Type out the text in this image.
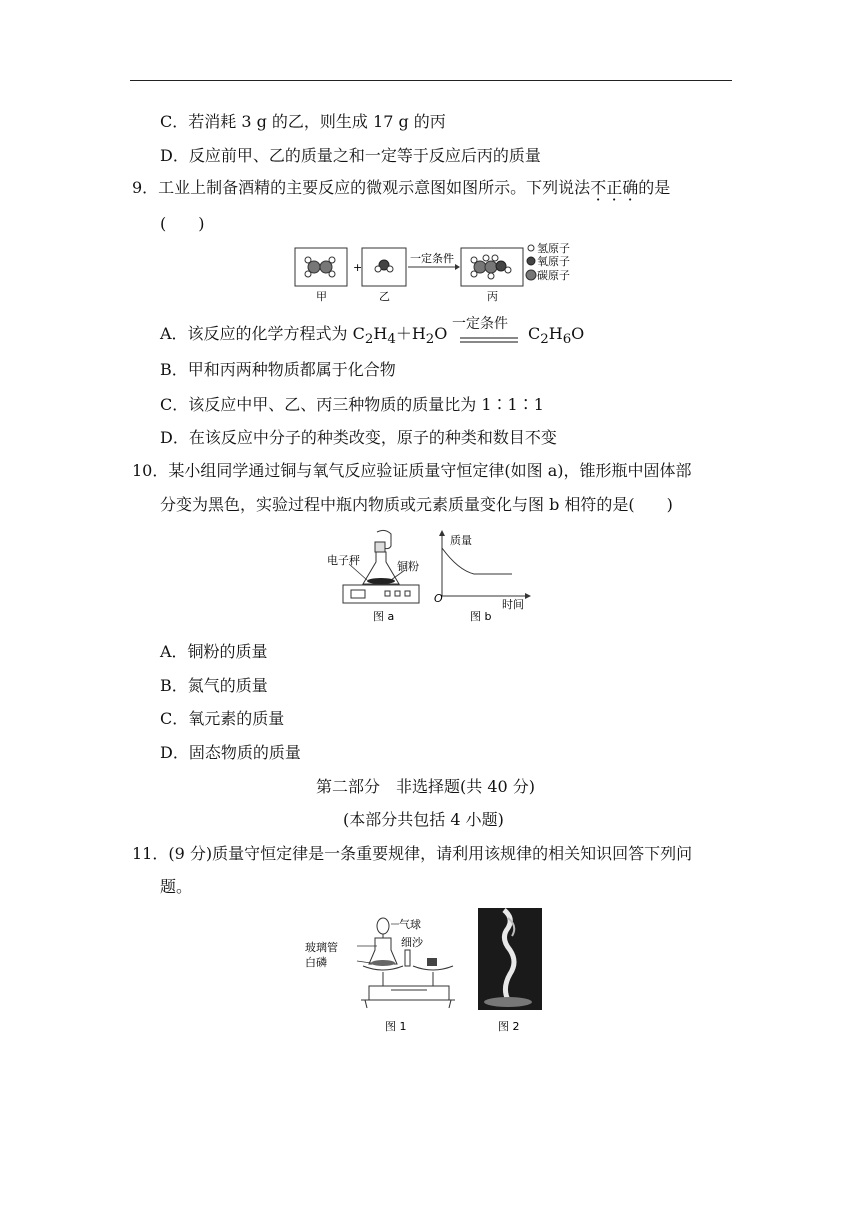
C．若消耗 3 g 的乙，则生成 17 g 的丙
D．反应前甲、乙的质量之和一定等于反应后丙的质量
9．工业上制备酒精的主要反应的微观示意图如图所示。下列说法不正确的是
(　　)
+
一定条件
氢原子
氧原子
碳原子
甲	乙	丙
A．该反应的化学方程式为 $C_2H_4+H_2O$ 一定条件 $C_2H_6O$
B．甲和丙两种物质都属于化合物
C．该反应中甲、乙、丙三种物质的质量比为 1∶1∶1
D．在该反应中分子的种类改变，原子的种类和数目不变
10．某小组同学通过铜与氧气反应验证质量守恒定律(如图 a)，锥形瓶中固体部
分变为黑色，实验过程中瓶内物质或元素质量变化与图 b 相符的是(　　)
电子秤	铜粉
图 a
质量
时间
O
图 b
A．铜粉的质量
B．氮气的质量
C．氧元素的质量
D．固态物质的质量
第二部分　非选择题(共 40 分)
(本部分共包括 4 小题)
11．(9 分)质量守恒定律是一条重要规律，请利用该规律的相关知识回答下列问
题。
气球
玻璃管	细沙
白磷
图 1	图 2
